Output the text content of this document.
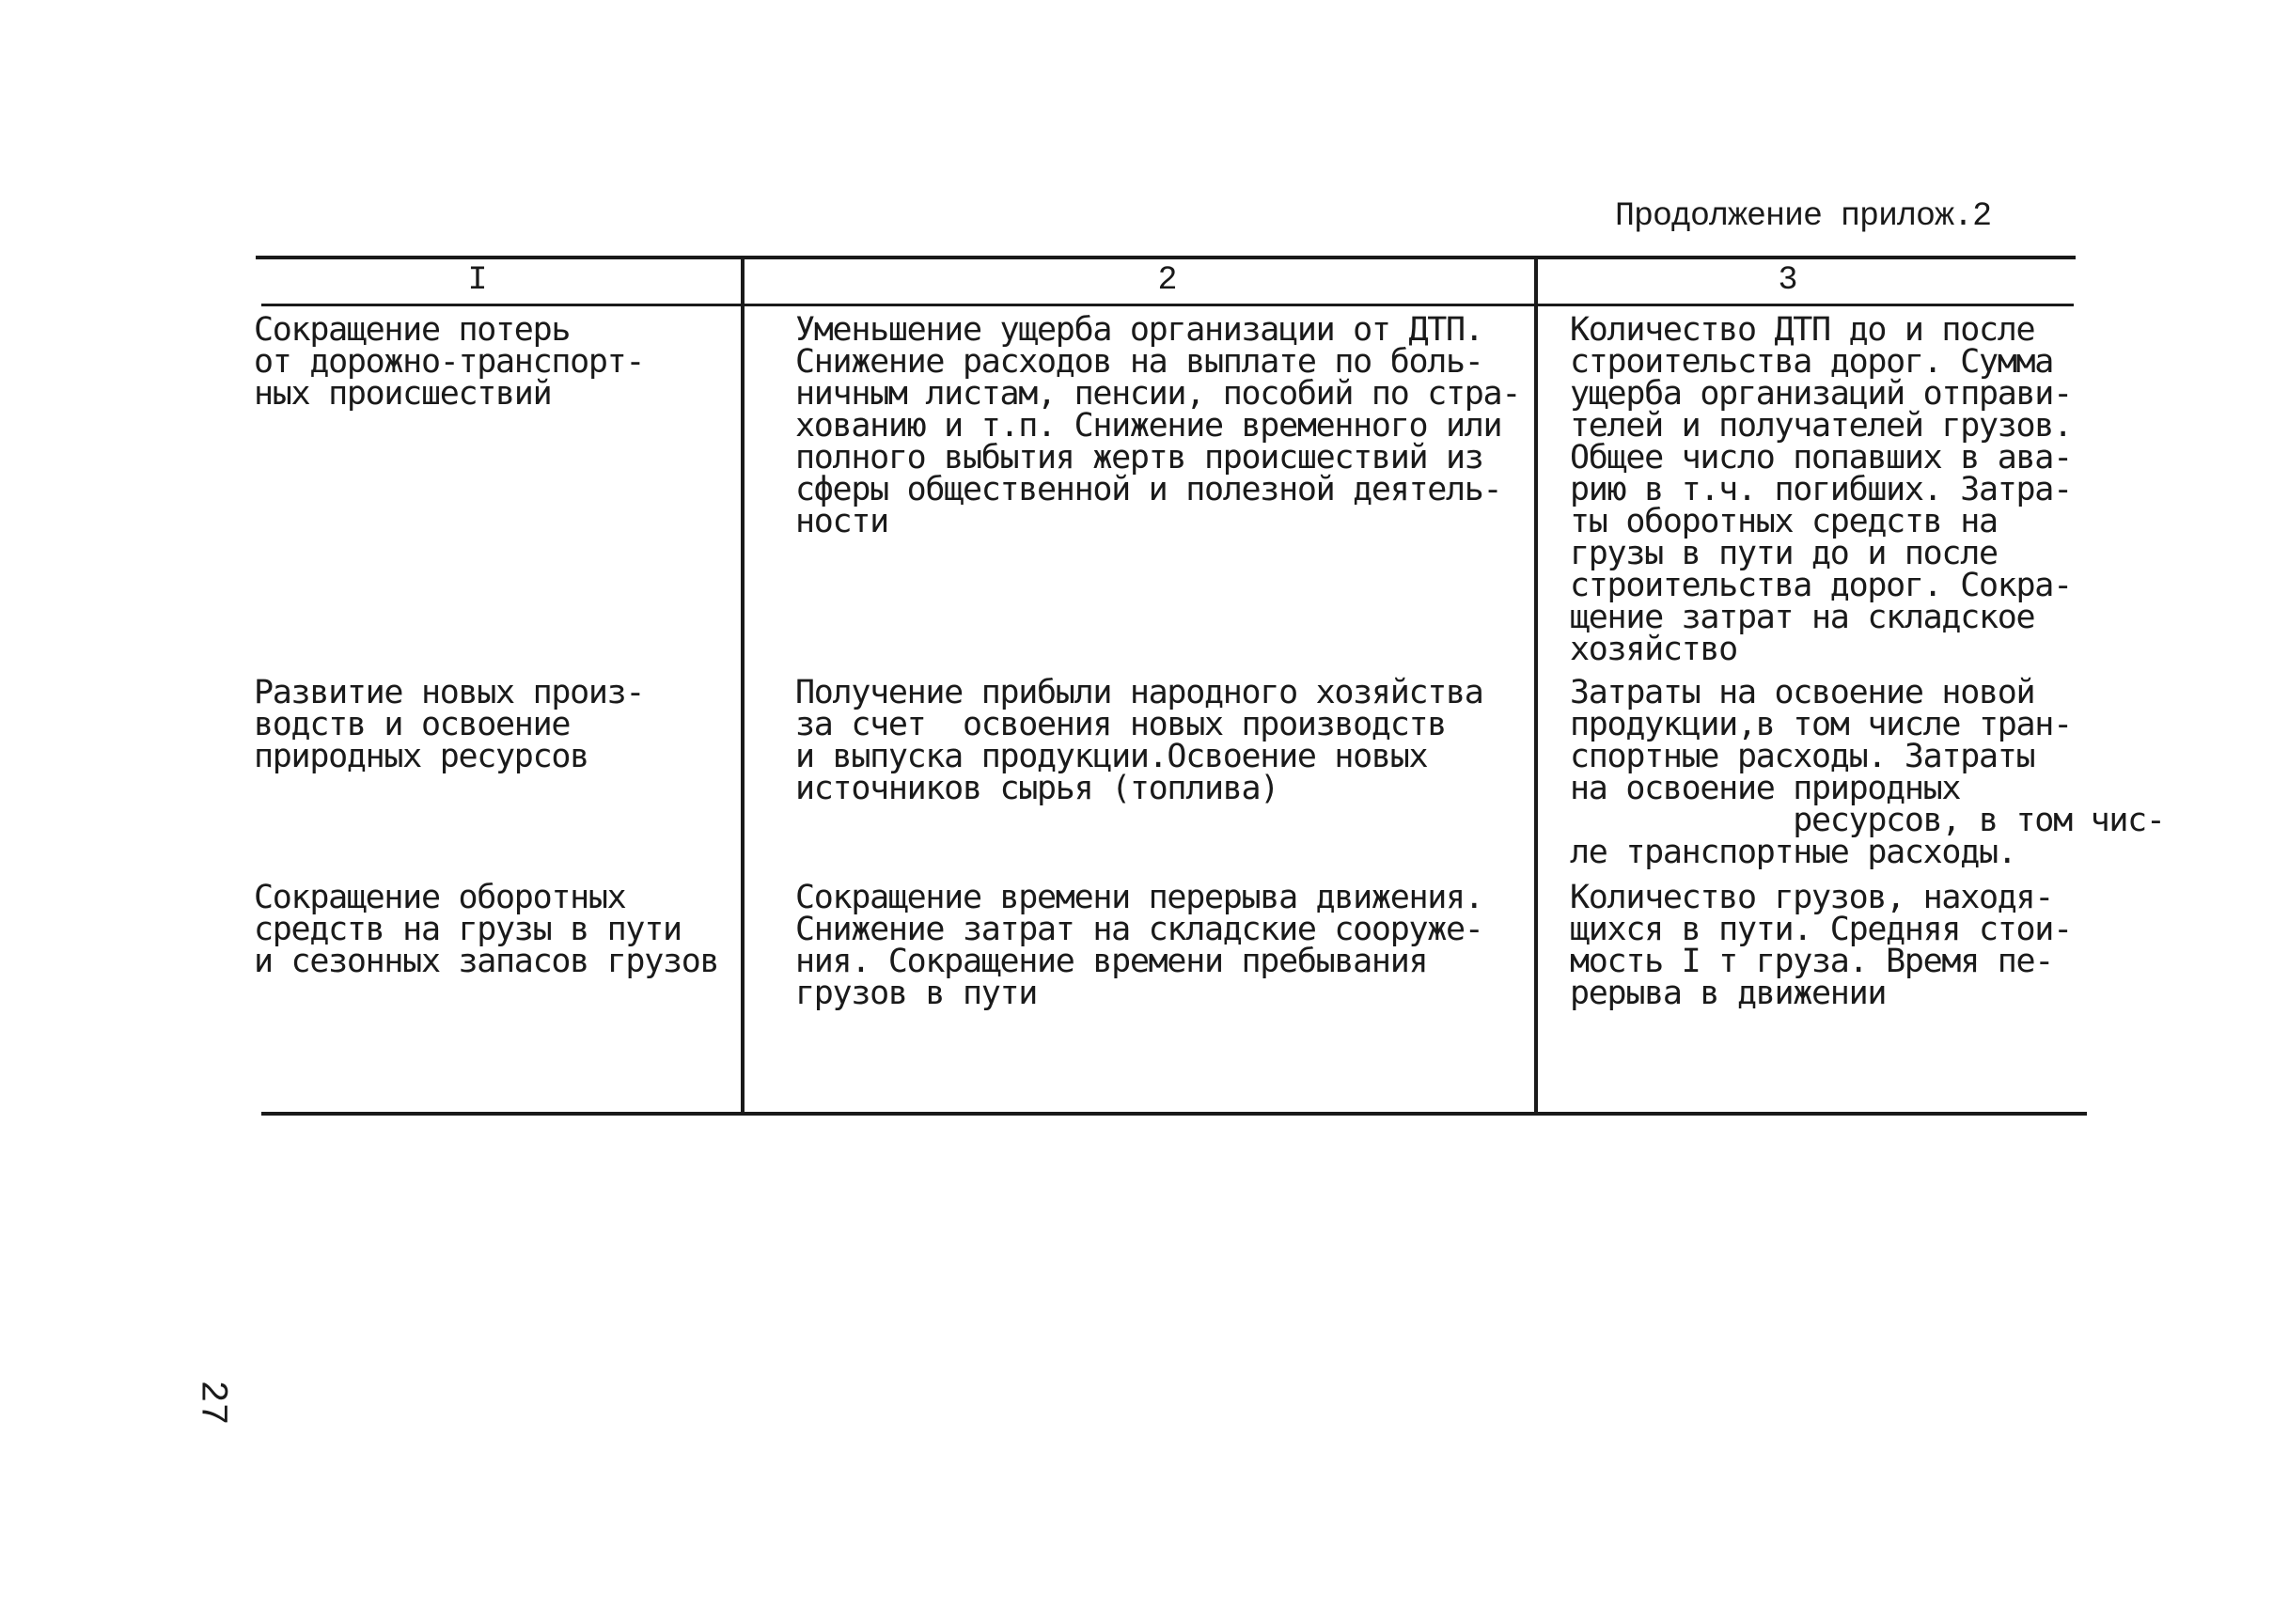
Продолжение прилож.2
I	2	3
Сокращение потерь
от дорожно-транспорт-
ных происшествий
Уменьшение ущерба организации от ДТП.
Снижение расходов на выплате по боль-
ничным листам, пенсии, пособий по стра-
хованию и т.п. Снижение временного или
полного выбытия жертв происшествий из
сферы общественной и полезной деятель-
ности
Количество ДТП до и после
строительства дорог. Сумма
ущерба организаций отправи-
телей и получателей грузов.
Общее число попавших в ава-
рию в т.ч. погибших. Затра-
ты оборотных средств на
грузы в пути до и после
строительства дорог. Сокра-
щение затрат на складское
хозяйство
Развитие новых произ-
водств и освоение
природных ресурсов
Получение прибыли народного хозяйства
за счет  освоения новых производств
и выпуска продукции.Освоение новых
источников сырья (топлива)
Затраты на освоение новой
продукции,в том числе тран-
спортные расходы. Затраты
на освоение природных
ресурсов, в том чис-
ле транспортные расходы.
Сокращение оборотных
средств на грузы в пути
и сезонных запасов грузов
Сокращение времени перерыва движения.
Снижение затрат на складские сооруже-
ния. Сокращение времени пребывания
грузов в пути
Количество грузов, находя-
щихся в пути. Средняя стои-
мость I т груза. Время пе-
рерыва в движении
27
